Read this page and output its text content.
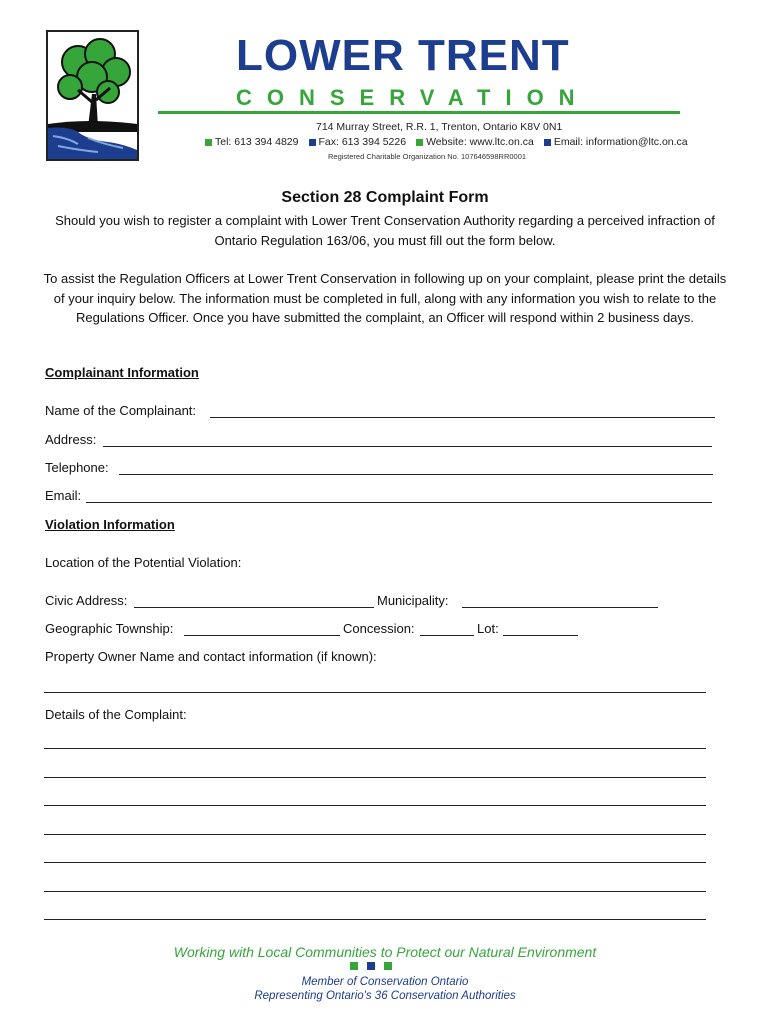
LOWER TRENT
CONSERVATION
714 Murray Street, R.R. 1, Trenton, Ontario K8V 0N1
Tel: 613 394 4829	Fax: 613 394 5226	Website: www.ltc.on.ca	Email: information@ltc.on.ca
Registered Charitable Organization No. 107646598RR0001
Section 28 Complaint Form
Should you wish to register a complaint with Lower Trent Conservation Authority regarding a perceived infraction of Ontario Regulation 163/06, you must fill out the form below.
To assist the Regulation Officers at Lower Trent Conservation in following up on your complaint, please print the details of your inquiry below. The information must be completed in full, along with any information you wish to relate to the Regulations Officer. Once you have submitted the complaint, an Officer will respond within 2 business days.
Complainant Information
Name of the Complainant:
Address:
Telephone:
Email:
Violation Information
Location of the Potential Violation:
Civic Address:	Municipality:
Geographic Township:	Concession:	Lot:
Property Owner Name and contact information (if known):
Details of the Complaint:
Working with Local Communities to Protect our Natural Environment
Member of Conservation Ontario
Representing Ontario's 36 Conservation Authorities
